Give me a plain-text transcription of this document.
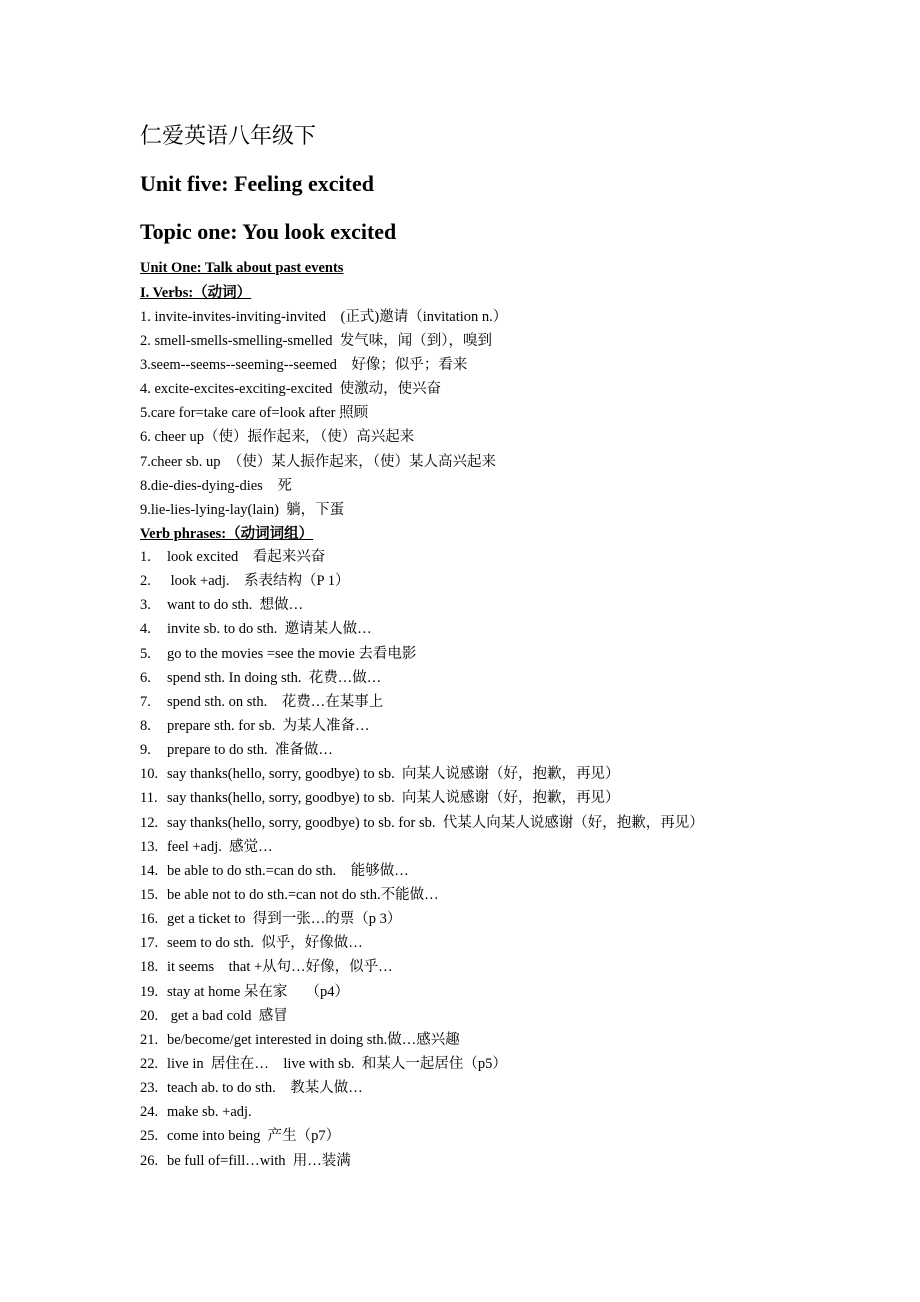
仁爱英语八年级下
Unit five: Feeling excited
Topic one: You look excited
Unit One: Talk about past events
I. Verbs:（动词）
1. invite-invites-inviting-invited    (正式)邀请（invitation n.）
2. smell-smells-smelling-smelled  发气味，闻（到），嗅到
3.seem--seems--seeming--seemed    好像；似乎；看来
4. excite-excites-exciting-excited  使激动，使兴奋
5.care for=take care of=look after 照顾
6. cheer up（使）振作起来, （使）高兴起来
7.cheer sb. up  （使）某人振作起来，（使）某人高兴起来
8.die-dies-dying-dies    死
9.lie-lies-lying-lay(lain)  躺，下蛋
Verb phrases:（动词词组）
1. look excited    看起来兴奋
2. look +adj.    系表结构（P 1）
3. want to do sth.  想做…
4. invite sb. to do sth.  邀请某人做…
5. go to the movies =see the movie 去看电影
6. spend sth. In doing sth.  花费…做…
7. spend sth. on sth.    花费…在某事上
8. prepare sth. for sb.  为某人准备…
9. prepare to do sth.  准备做…
10. say thanks(hello, sorry, goodbye) to sb.  向某人说感谢（好，抱歉，再见）
11. say thanks(hello, sorry, goodbye) to sb.  向某人说感谢（好，抱歉，再见）
12. say thanks(hello, sorry, goodbye) to sb. for sb.  代某人向某人说感谢（好，抱歉，再见）
13. feel +adj.  感觉…
14. be able to do sth.=can do sth.    能够做…
15. be able not to do sth.=can not do sth.不能做…
16. get a ticket to  得到一张…的票（p 3）
17. seem to do sth.  似乎，好像做…
18. it seems    that +从句…好像，似乎…
19. stay at home 呆在家     （p4）
20. get a bad cold  感冒
21. be/become/get interested in doing sth.做…感兴趣
22. live in  居住在…    live with sb.  和某人一起居住（p5）
23. teach ab. to do sth.    教某人做…
24. make sb. +adj.
25. come into being  产生（p7）
26. be full of=fill…with  用…装满
